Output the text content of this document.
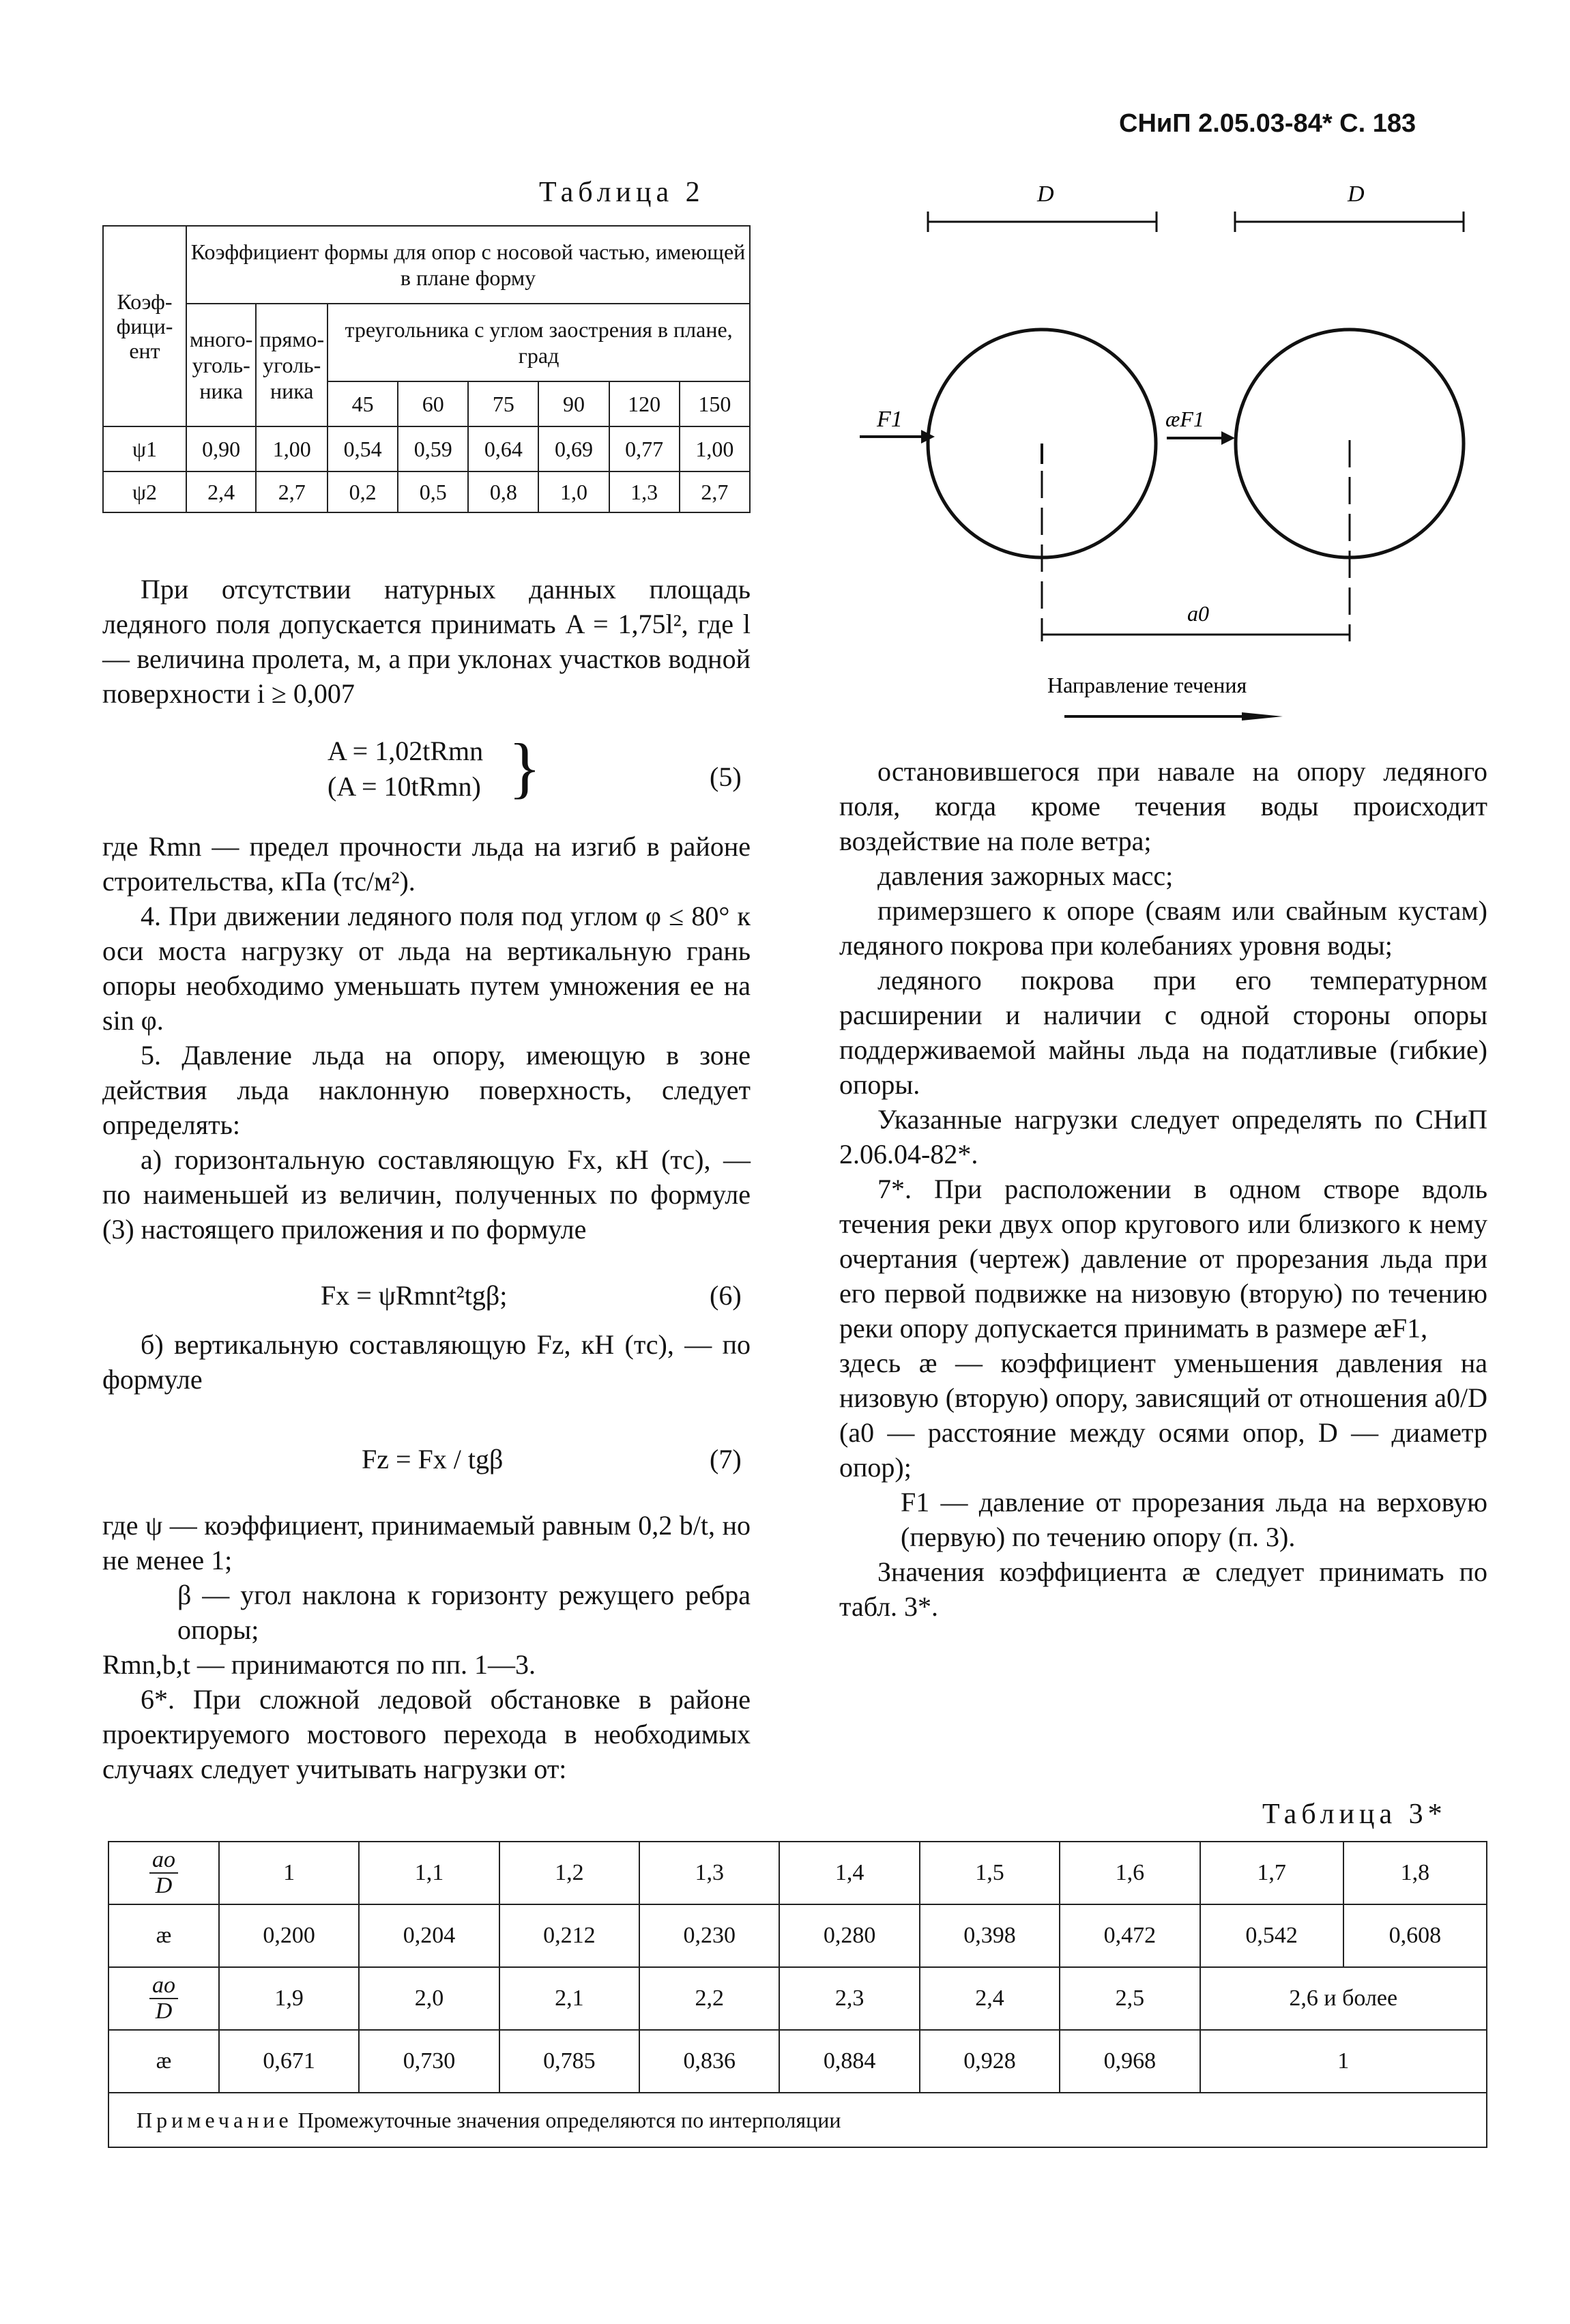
СНиП 2.05.03-84* С. 183
Таблица 2
Коэф-фици-ент	Коэффициент формы для опор с носовой частью, имеющей в плане форму							
	много-уголь-ника	прямо-уголь-ника	треугольника с углом заострения в плане, град					
			45	60	75	90	120	150
ψ1	0,90	1,00	0,54	0,59	0,64	0,69	0,77	1,00
ψ2	2,4	2,7	0,2	0,5	0,8	1,0	1,3	2,7

При отсутствии натурных данных площадь ледяного поля допускается принимать A = 1,75l², где l — величина пролета, м, а при уклонах участков водной поверхности i ≥ 0,007

A = 1,02tRmn
(A = 10tRmn) }	(5)

где Rmn — предел прочности льда на изгиб в районе строительства, кПа (тс/м²).

4. При движении ледяного поля под углом φ ≤ 80° к оси моста нагрузку от льда на вертикальную грань опоры необходимо уменьшать путем умножения ее на sin φ.

5. Давление льда на опору, имеющую в зоне действия льда наклонную поверхность, следует определять:

а) горизонтальную составляющую Fx, кН (тс), — по наименьшей из величин, полученных по формуле (3) настоящего приложения и по формуле

Fx = ψRmnt²tgβ;	(6)

б) вертикальную составляющую Fz, кН (тс), — по формуле

Fz = Fx / tgβ	(7)

где ψ — коэффициент, принимаемый равным 0,2 b/t, но не менее 1;

β — угол наклона к горизонту режущего ребра опоры;

Rmn,b,t — принимаются по пп. 1—3.

6*. При сложной ледовой обстановке в районе проектируемого мостового перехода в необходимых случаях следует учитывать нагрузки от:

D	D
a0
F1	æF1
Направление течения

остановившегося при навале на опору ледяного поля, когда кроме течения воды происходит воздействие на поле ветра;

давления зажорных масс;

примерзшего к опоре (сваям или свайным кустам) ледяного покрова при колебаниях уровня воды;

ледяного покрова при его температурном расширении и наличии с одной стороны опоры поддерживаемой майны льда на податливые (гибкие) опоры.

Указанные нагрузки следует определять по СНиП 2.06.04-82*.

7*. При расположении в одном створе вдоль течения реки двух опор кругового или близкого к нему очертания (чертеж) давление от прорезания льда при его первой подвижке на низовую (вторую) по течению реки опору допускается принимать в размере æF1,

здесь æ — коэффициент уменьшения давления на низовую (вторую) опору, зависящий от отношения a0/D (a0 — расстояние между осями опор, D — диаметр опор);

F1 — давление от прорезания льда на верховую (первую) по течению опору (п. 3).

Значения коэффициента æ следует принимать по табл. 3*.

Таблица 3*
$\frac{ao}{D}$	1	1,1	1,2	1,3	1,4	1,5	1,6	1,7	1,8
æ	0,200	0,204	0,212	0,230	0,280	0,398	0,472	0,542	0,608

$\frac{ao}{D}$	1,9	2,0	2,1	2,2	2,3	2,4	2,5	2,6 и более	
æ	0,671	0,730	0,785	0,836	0,884	0,928	0,968	1	
Примечание Промежуточные значения определяются по интерполяции									
